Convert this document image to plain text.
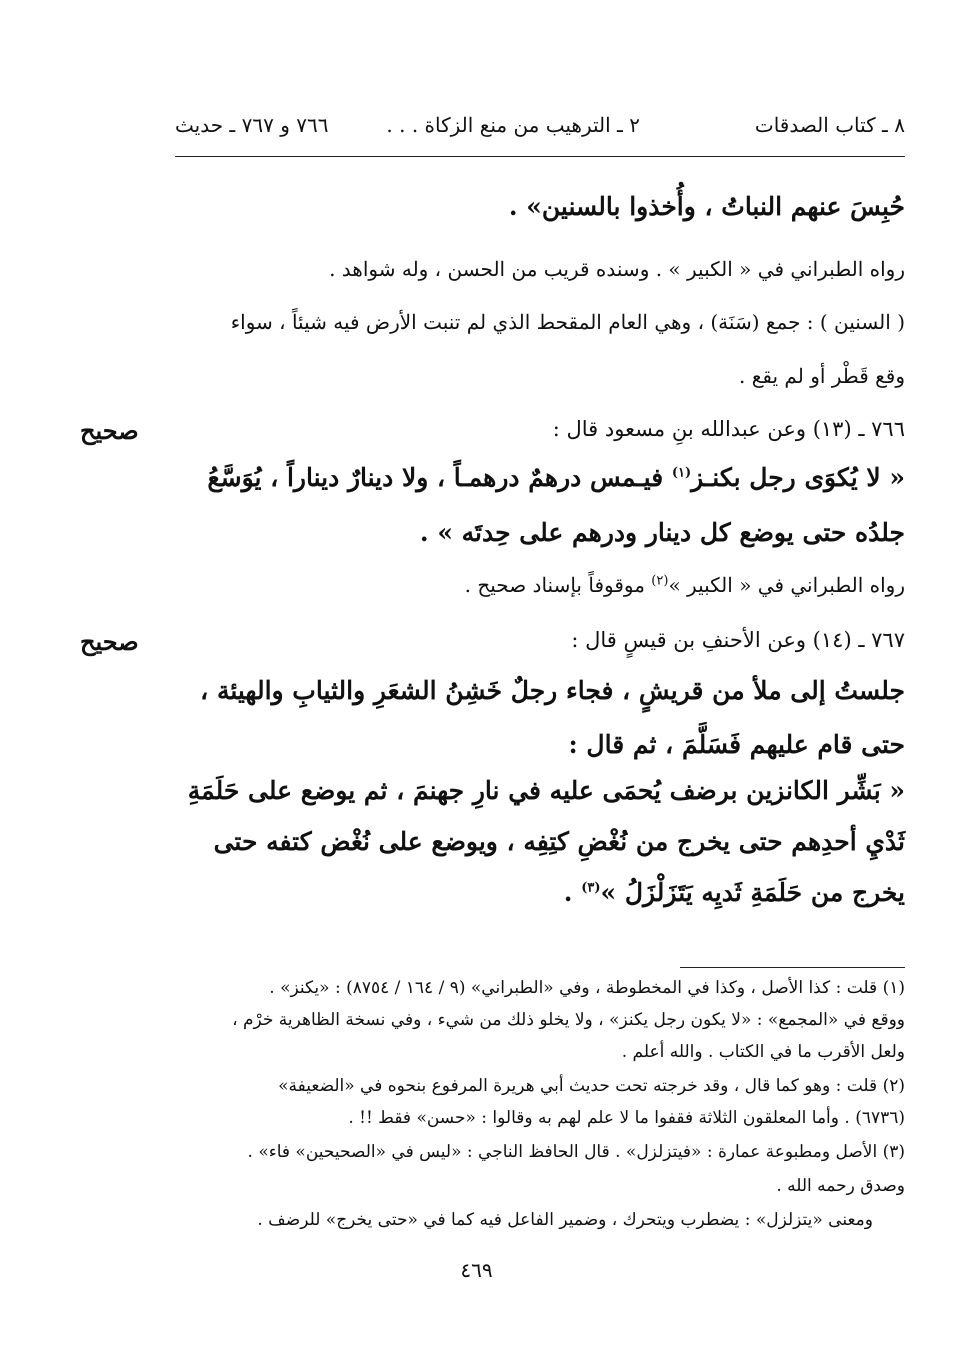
٨ ـ كتاب الصدقات
٢ ـ الترهيب من منع الزكاة . . .
٧٦٦ و ٧٦٧ ـ حديث
حُبِسَ عنهم النباتُ ، وأُخذوا بالسنين» .
رواه الطبراني في « الكبير » . وسنده قريب من الحسن ، وله شواهد .
( السنين ) : جمع (سَنَة) ، وهي العام المقحط الذي لم تنبت الأرض فيه شيئاً ، سواء
وقع قَطْر أو لم يقع .
صحيح	٧٦٦ ـ (١٣) وعن عبدالله بنِ مسعود قال :
« لا يُكوَى رجل بكنـز$^{(١)}$ فيـمس درهمٌ درهمـاً ، ولا دينارٌ ديناراً ، يُوَسَّعُ
جلدُه حتى يوضع كل دينار ودرهم على حِدتَه » .
رواه الطبراني في « الكبير »$^{(٢)}$ موقوفاً بإسناد صحيح .
صحيح	٧٦٧ ـ (١٤) وعن الأحنفِ بن قيسٍ قال :
جلستُ إلى ملأ من قريشٍ ، فجاء رجلٌ خَشِنُ الشعَرِ والثيابِ والهيئة ،
حتى قام عليهم فَسَلَّمَ ، ثم قال :
« بَشِّر الكانزين برضف يُحمَى عليه في نارِ جهنمَ ، ثم يوضع على حَلَمَةِ
ثَدْيِ أحدِهم حتى يخرج من نُغْضِ كتِفِه ، ويوضع على نُغْض كتفه حتى
يخرج من حَلَمَةِ ثَديِه يَتَزَلْزَلُ »$^{(٣)}$ .
(١) قلت : كذا الأصل ، وكذا في المخطوطة ، وفي «الطبراني» (٩ / ١٦٤ / ٨٧٥٤) : «يكنز» .
ووقع في «المجمع» : «لا يكون رجل يكنز» ، ولا يخلو ذلك من شيء ، وفي نسخة الظاهرية خرْم ،
ولعل الأقرب ما في الكتاب . والله أعلم .
(٢) قلت : وهو كما قال ، وقد خرجته تحت حديث أبي هريرة المرفوع بنحوه في «الضعيفة»
(٦٧٣٦) . وأما المعلقون الثلاثة فقفوا ما لا علم لهم به وقالوا : «حسن» فقط !! .
(٣) الأصل ومطبوعة عمارة : «فيتزلزل» . قال الحافظ الناجي : «ليس في «الصحيحين» فاء» .
وصدق رحمه الله .
ومعنى «يتزلزل» : يضطرب ويتحرك ، وضمير الفاعل فيه كما في «حتى يخرج» للرضف .
٤٦٩
